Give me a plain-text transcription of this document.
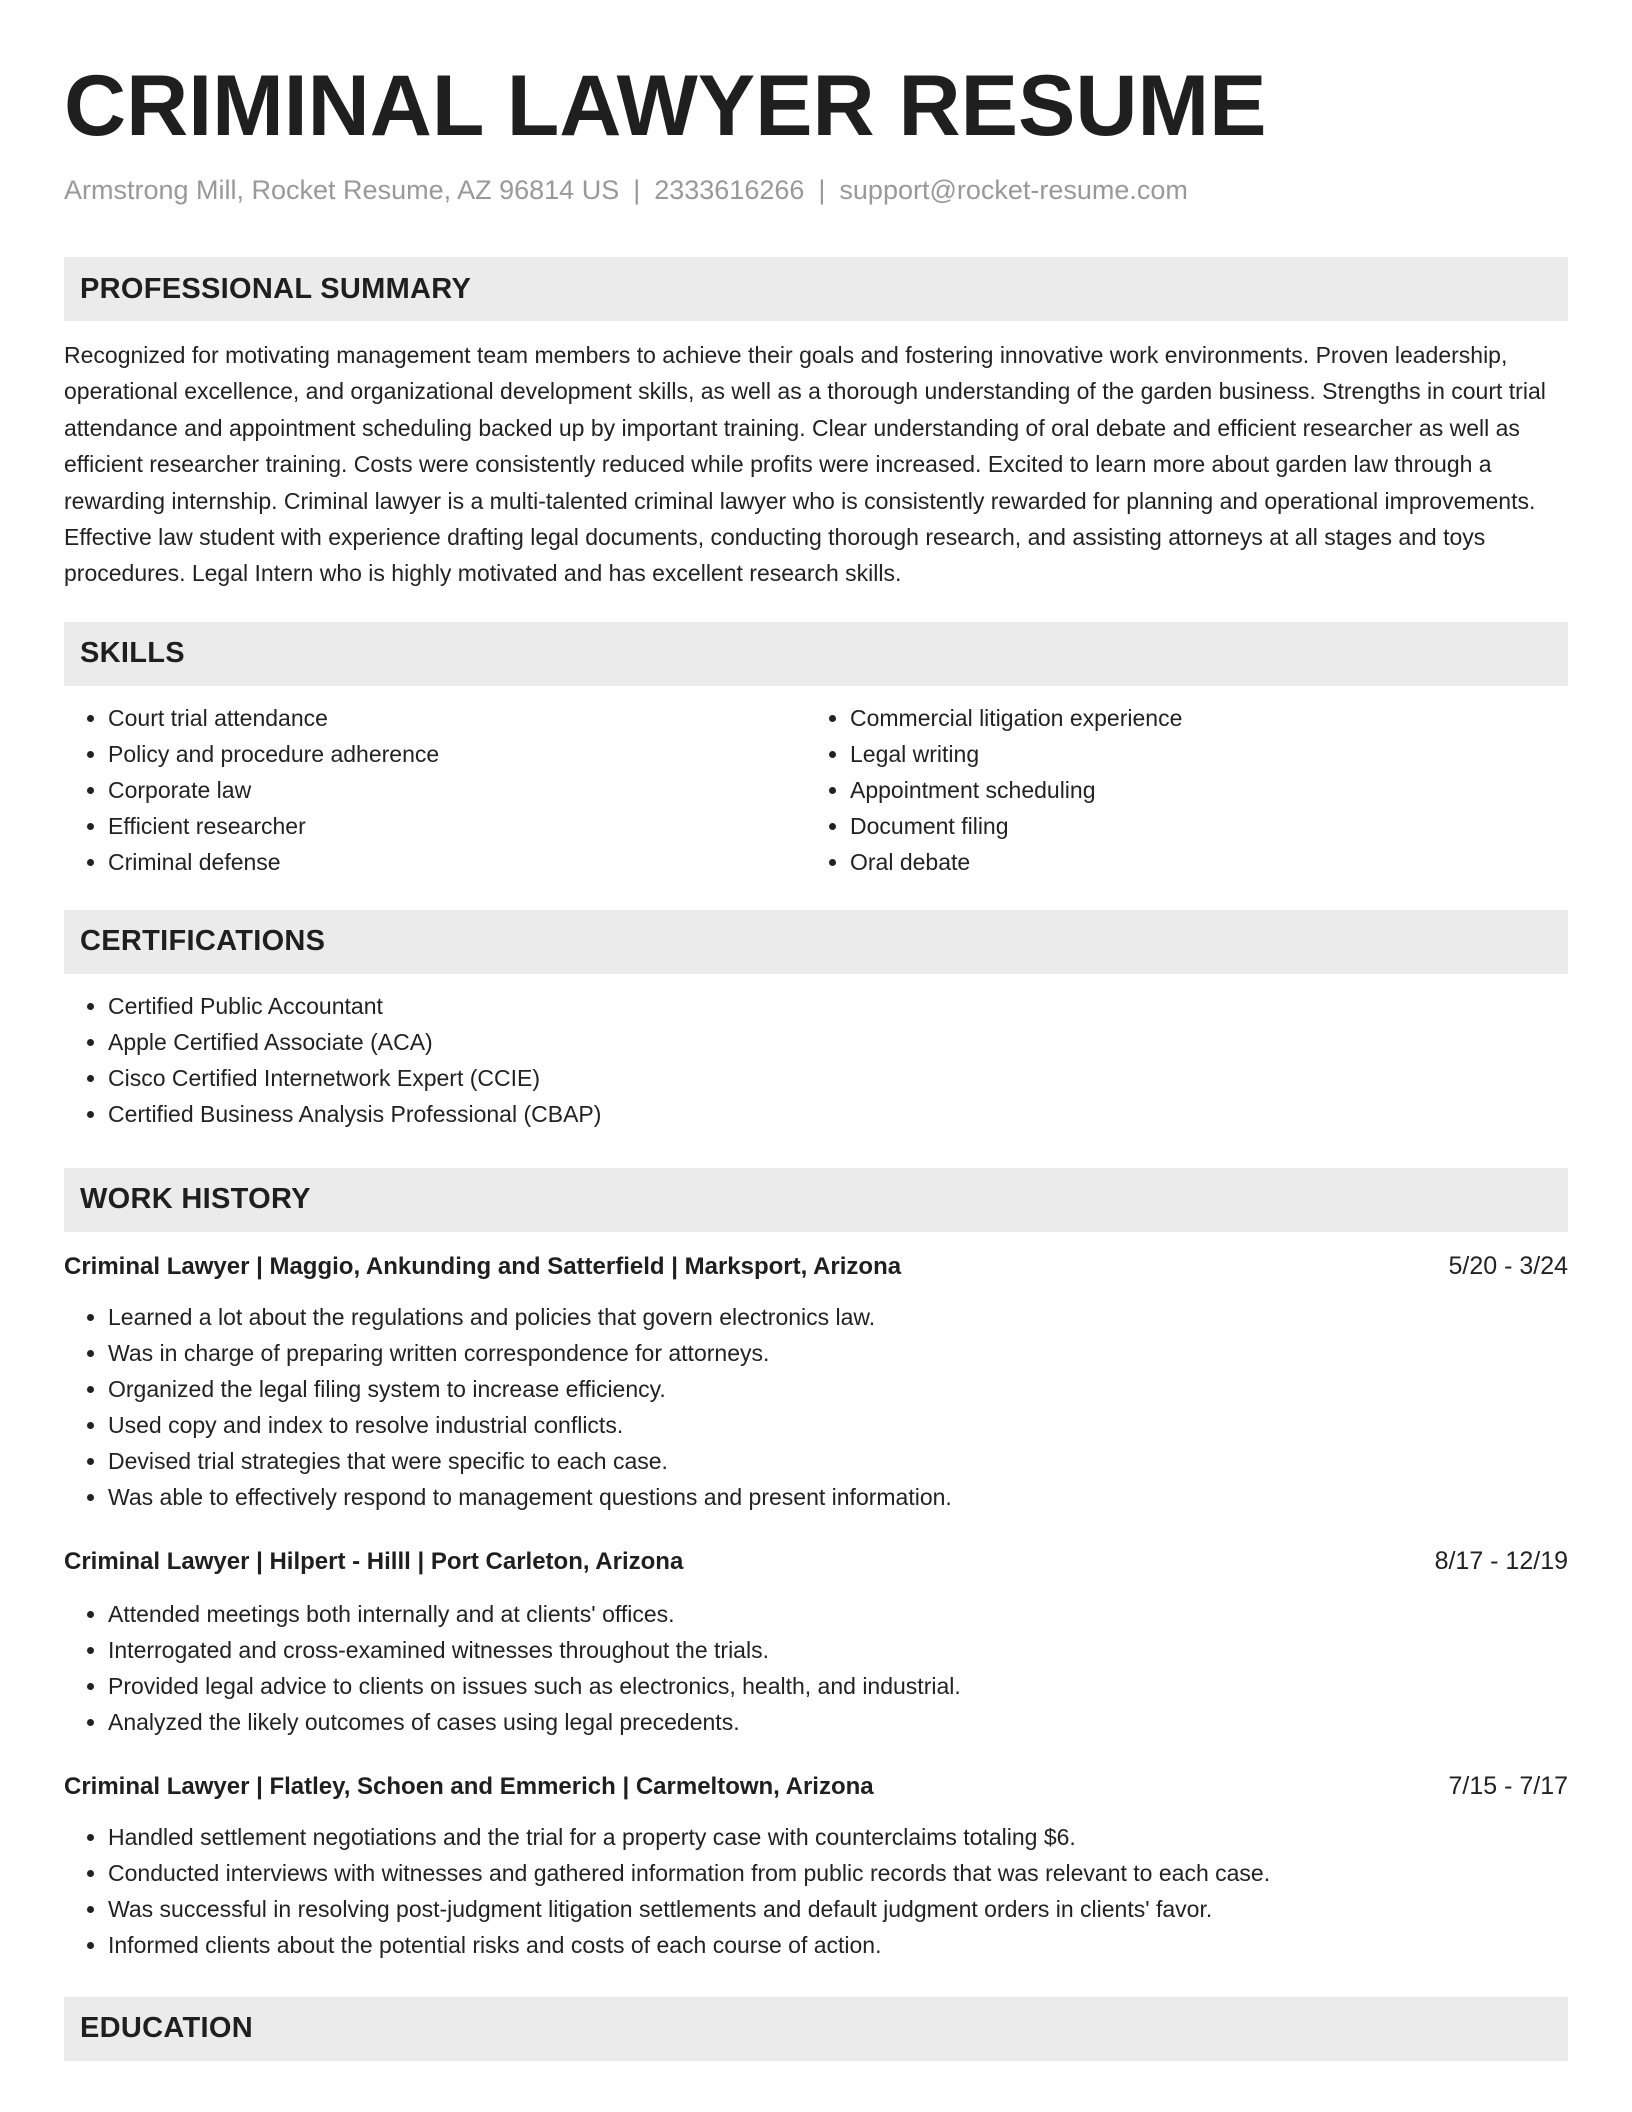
CRIMINAL LAWYER RESUME
Armstrong Mill, Rocket Resume, AZ 96814 US | 2333616266 | support@rocket-resume.com
PROFESSIONAL SUMMARY

Recognized for motivating management team members to achieve their goals and fostering innovative work environments. Proven leadership, operational excellence, and organizational development skills, as well as a thorough understanding of the garden business. Strengths in court trial attendance and appointment scheduling backed up by important training. Clear understanding of oral debate and efficient researcher as well as efficient researcher training. Costs were consistently reduced while profits were increased. Excited to learn more about garden law through a rewarding internship. Criminal lawyer is a multi-talented criminal lawyer who is consistently rewarded for planning and operational improvements. Effective law student with experience drafting legal documents, conducting thorough research, and assisting attorneys at all stages and toys procedures. Legal Intern who is highly motivated and has excellent research skills.

SKILLS
• Court trial attendance
• Policy and procedure adherence
• Corporate law
• Efficient researcher
• Criminal defense
• Commercial litigation experience
• Legal writing
• Appointment scheduling
• Document filing
• Oral debate
CERTIFICATIONS
• Certified Public Accountant
• Apple Certified Associate (ACA)
• Cisco Certified Internetwork Expert (CCIE)
• Certified Business Analysis Professional (CBAP)
WORK HISTORY
Criminal Lawyer | Maggio, Ankunding and Satterfield | Marksport, Arizona	5/20 - 3/24
• Learned a lot about the regulations and policies that govern electronics law.
• Was in charge of preparing written correspondence for attorneys.
• Organized the legal filing system to increase efficiency.
• Used copy and index to resolve industrial conflicts.
• Devised trial strategies that were specific to each case.
• Was able to effectively respond to management questions and present information.
Criminal Lawyer | Hilpert - Hilll | Port Carleton, Arizona	8/17 - 12/19
• Attended meetings both internally and at clients' offices.
• Interrogated and cross-examined witnesses throughout the trials.
• Provided legal advice to clients on issues such as electronics, health, and industrial.
• Analyzed the likely outcomes of cases using legal precedents.
Criminal Lawyer | Flatley, Schoen and Emmerich | Carmeltown, Arizona	7/15 - 7/17
• Handled settlement negotiations and the trial for a property case with counterclaims totaling $6.
• Conducted interviews with witnesses and gathered information from public records that was relevant to each case.
• Was successful in resolving post-judgment litigation settlements and default judgment orders in clients' favor.
• Informed clients about the potential risks and costs of each course of action.
EDUCATION
